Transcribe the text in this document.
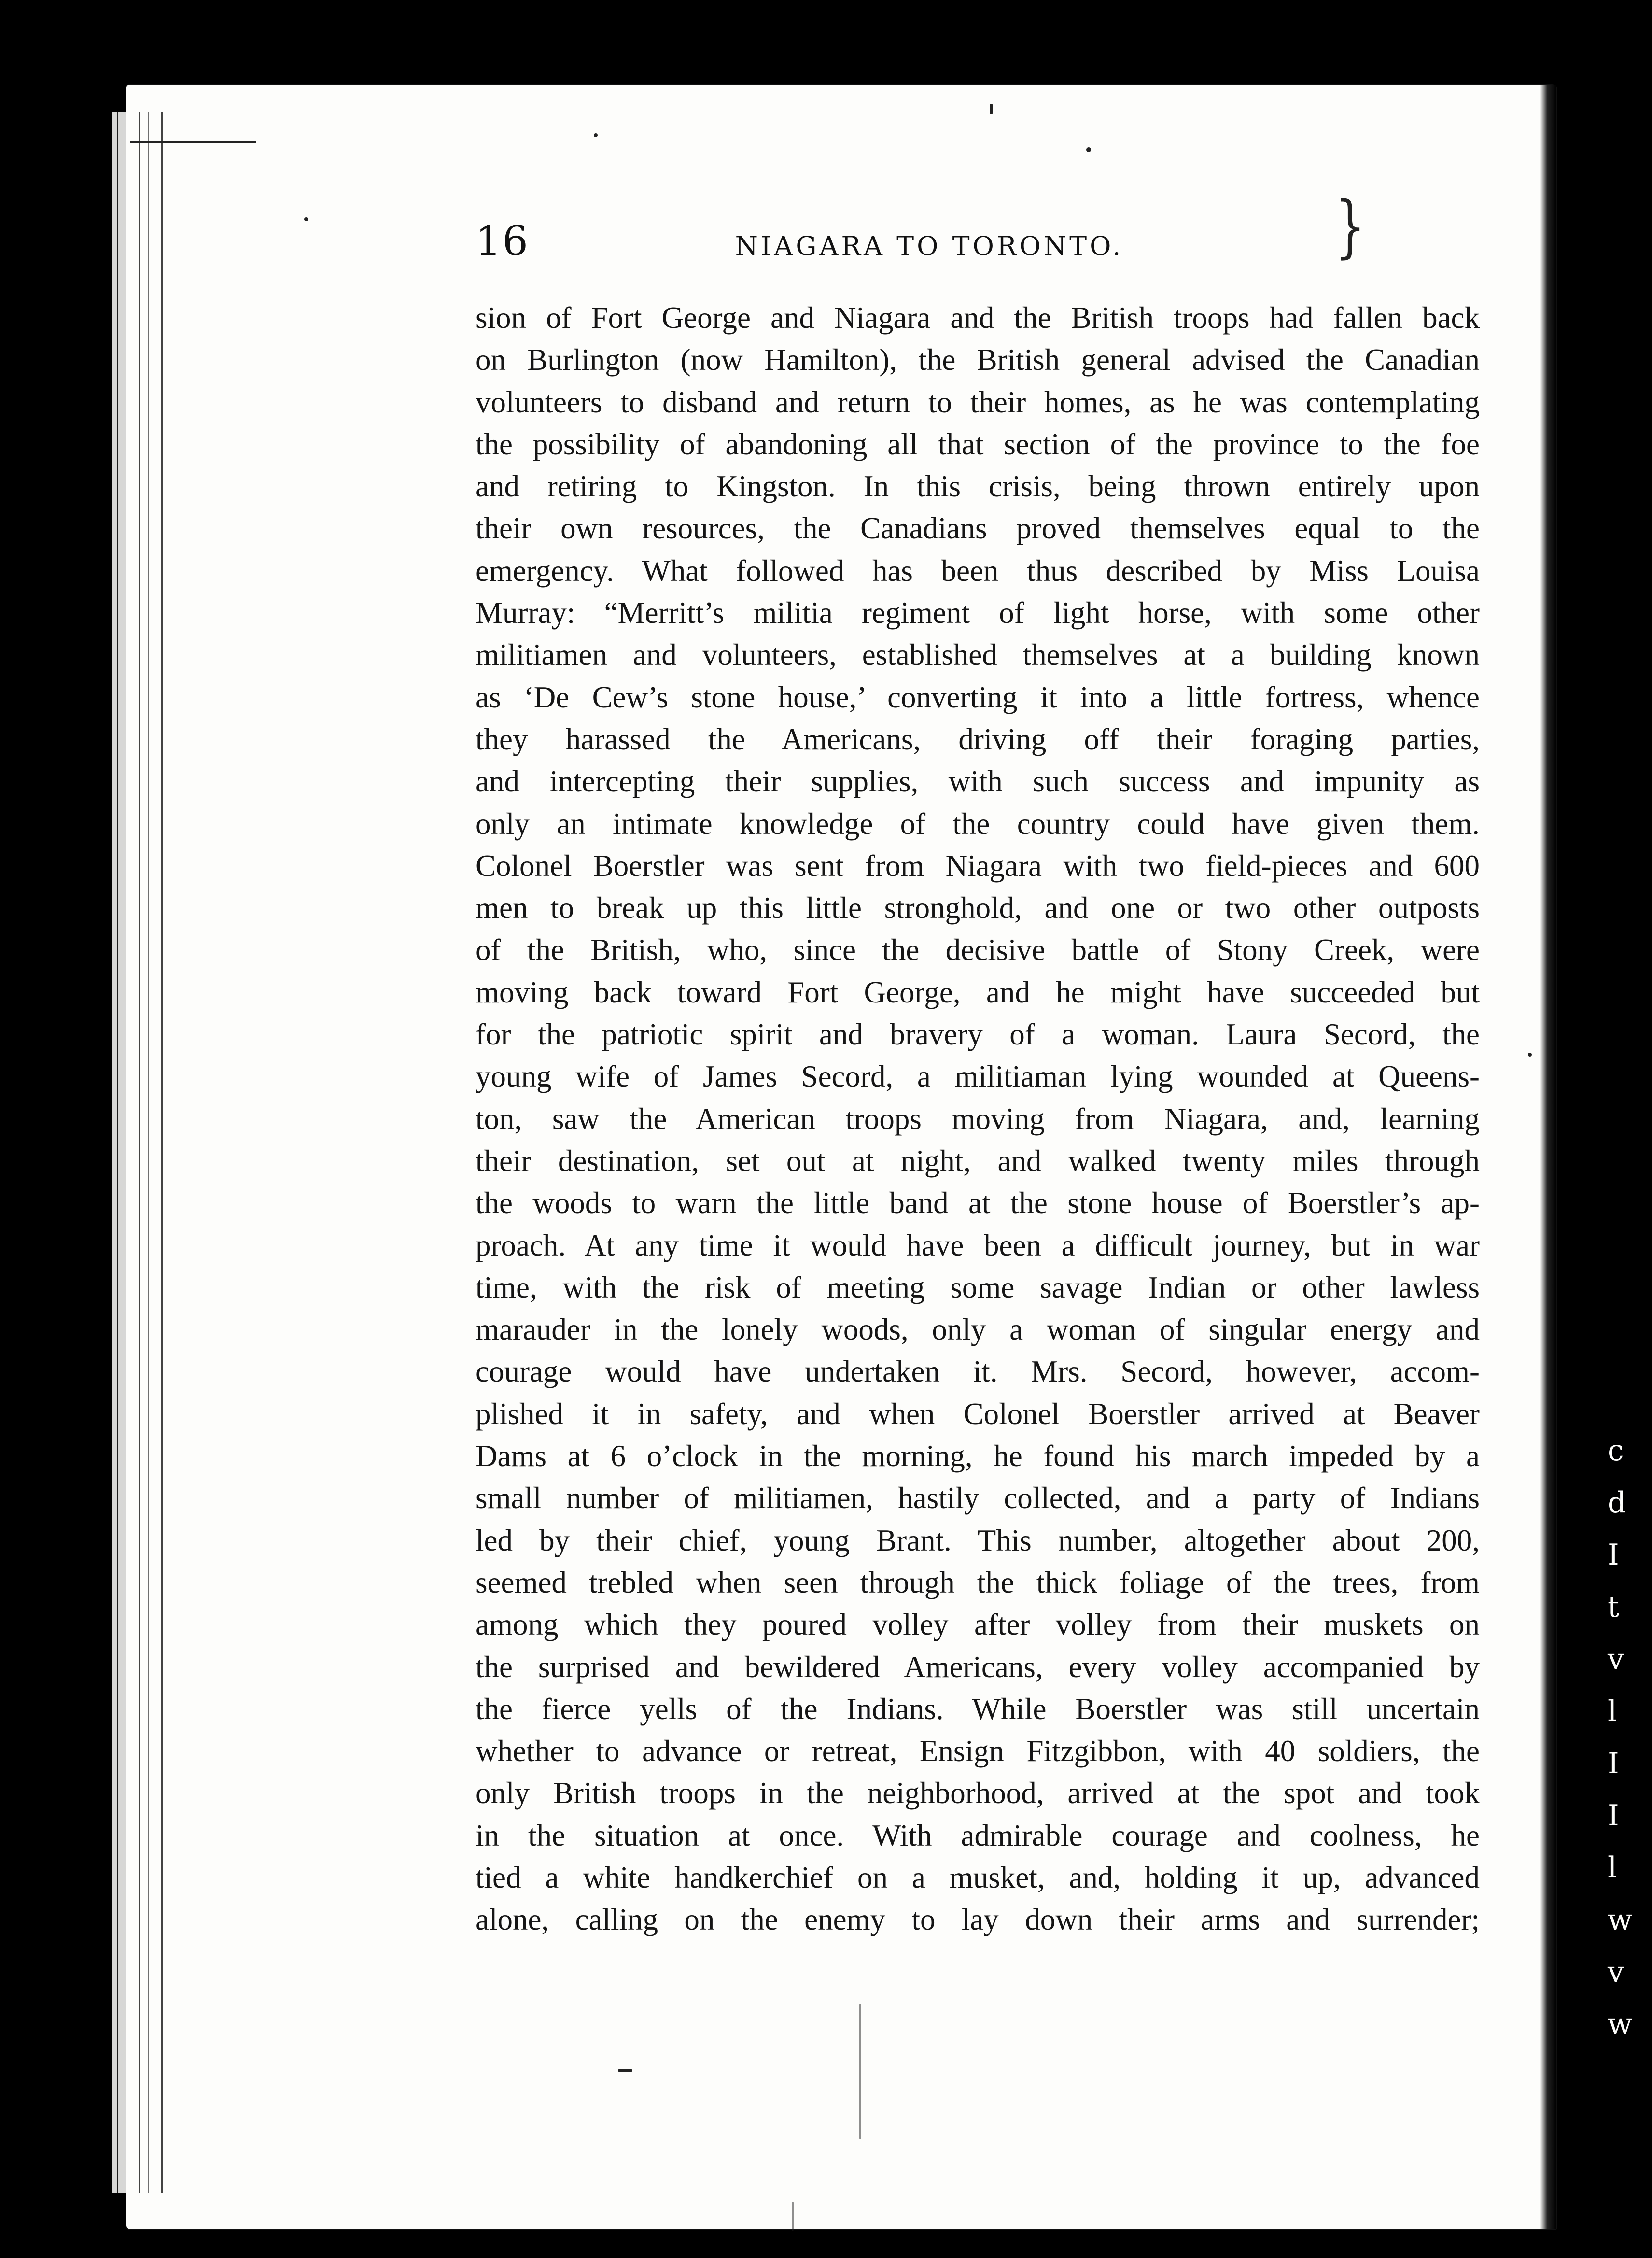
c
d
I
t
v
l
I
I
l
w
v
w
16	NIAGARA TO TORONTO.	}
sion of Fort George and Niagara and the British troops had fallen back
on Burlington (now Hamilton), the British general advised the Canadian
volunteers to disband and return to their homes, as he was contemplating
the possibility of abandoning all that section of the province to the foe
and retiring to Kingston. In this crisis, being thrown entirely upon
their own resources, the Canadians proved themselves equal to the
emergency. What followed has been thus described by Miss Louisa
Murray: “Merritt’s militia regiment of light horse, with some other
militiamen and volunteers, established themselves at a building known
as ‘De Cew’s stone house,’ converting it into a little fortress, whence
they harassed the Americans, driving off their foraging parties,
and intercepting their supplies, with such success and impunity as
only an intimate knowledge of the country could have given them.
Colonel Boerstler was sent from Niagara with two field-pieces and 600
men to break up this little stronghold, and one or two other outposts
of the British, who, since the decisive battle of Stony Creek, were
moving back toward Fort George, and he might have succeeded but
for the patriotic spirit and bravery of a woman. Laura Secord, the
young wife of James Secord, a militiaman lying wounded at Queens-
ton, saw the American troops moving from Niagara, and, learning
their destination, set out at night, and walked twenty miles through
the woods to warn the little band at the stone house of Boerstler’s ap-
proach. At any time it would have been a difficult journey, but in war
time, with the risk of meeting some savage Indian or other lawless
marauder in the lonely woods, only a woman of singular energy and
courage would have undertaken it. Mrs. Secord, however, accom-
plished it in safety, and when Colonel Boerstler arrived at Beaver
Dams at 6 o’clock in the morning, he found his march impeded by a
small number of militiamen, hastily collected, and a party of Indians
led by their chief, young Brant. This number, altogether about 200,
seemed trebled when seen through the thick foliage of the trees, from
among which they poured volley after volley from their muskets on
the surprised and bewildered Americans, every volley accompanied by
the fierce yells of the Indians. While Boerstler was still uncertain
whether to advance or retreat, Ensign Fitzgibbon, with 40 soldiers, the
only British troops in the neighborhood, arrived at the spot and took
in the situation at once. With admirable courage and coolness, he
tied a white handkerchief on a musket, and, holding it up, advanced
alone, calling on the enemy to lay down their arms and surrender;
